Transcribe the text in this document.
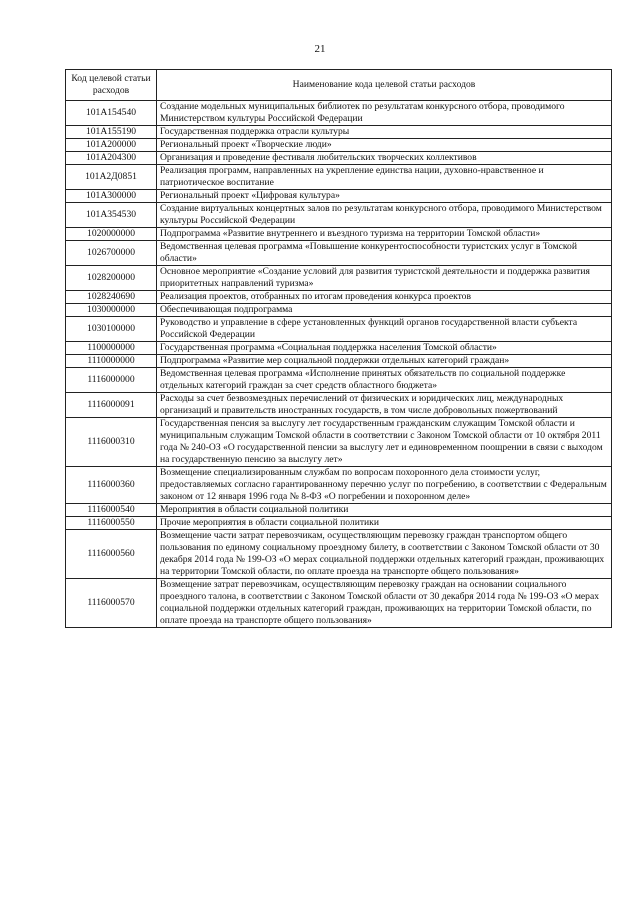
21
Код целевой статьи расходов	Наименование кода целевой статьи расходов
101A154540	Создание модельных муниципальных библиотек по результатам конкурсного отбора, проводимого Министерством культуры Российской Федерации
101A155190	Государственная поддержка отрасли культуры
101A200000	Региональный проект «Творческие люди»
101A204300	Организация и проведение фестиваля любительских творческих коллективов
101A2Д0851	Реализация программ, направленных на укрепление единства нации, духовно-нравственное и патриотическое воспитание
101A300000	Региональный проект «Цифровая культура»
101A354530	Создание виртуальных концертных залов по результатам конкурсного отбора, проводимого Министерством культуры Российской Федерации
1020000000	Подпрограмма «Развитие внутреннего и въездного туризма на территории Томской области»
1026700000	Ведомственная целевая программа «Повышение конкурентоспособности туристских услуг в Томской области»
1028200000	Основное мероприятие «Создание условий для развития туристской деятельности и поддержка развития приоритетных направлений туризма»
1028240690	Реализация проектов, отобранных по итогам проведения конкурса проектов
1030000000	Обеспечивающая подпрограмма
1030100000	Руководство и управление в сфере установленных функций органов государственной власти субъекта Российской Федерации
1100000000	Государственная программа «Социальная поддержка населения Томской области»
1110000000	Подпрограмма «Развитие мер социальной поддержки отдельных категорий граждан»
1116000000	Ведомственная целевая программа «Исполнение принятых обязательств по социальной поддержке отдельных категорий граждан за счет средств областного бюджета»
1116000091	Расходы за счет безвозмездных перечислений от физических и юридических лиц, международных организаций и правительств иностранных государств, в том числе добровольных пожертвований
1116000310	Государственная пенсия за выслугу лет государственным гражданским служащим Томской области и муниципальным служащим Томской области в соответствии с Законом Томской области от 10 октября 2011 года № 240-ОЗ «О государственной пенсии за выслугу лет и единовременном поощрении в связи с выходом на государственную пенсию за выслугу лет»
1116000360	Возмещение специализированным службам по вопросам похоронного дела стоимости услуг, предоставляемых согласно гарантированному перечню услуг по погребению, в соответствии с Федеральным законом от 12 января 1996 года № 8-ФЗ «О погребении и похоронном деле»
1116000540	Мероприятия в области социальной политики
1116000550	Прочие мероприятия в области социальной политики
1116000560	Возмещение части затрат перевозчикам, осуществляющим перевозку граждан транспортом общего пользования по единому социальному проездному билету, в соответствии с Законом Томской области от 30 декабря 2014 года № 199-ОЗ «О мерах социальной поддержки отдельных категорий граждан, проживающих на территории Томской области, по оплате проезда на транспорте общего пользования»
1116000570	Возмещение затрат перевозчикам, осуществляющим перевозку граждан на основании социального проездного талона, в соответствии с Законом Томской области от 30 декабря 2014 года № 199-ОЗ «О мерах социальной поддержки отдельных категорий граждан, проживающих на территории Томской области, по оплате проезда на транспорте общего пользования»
